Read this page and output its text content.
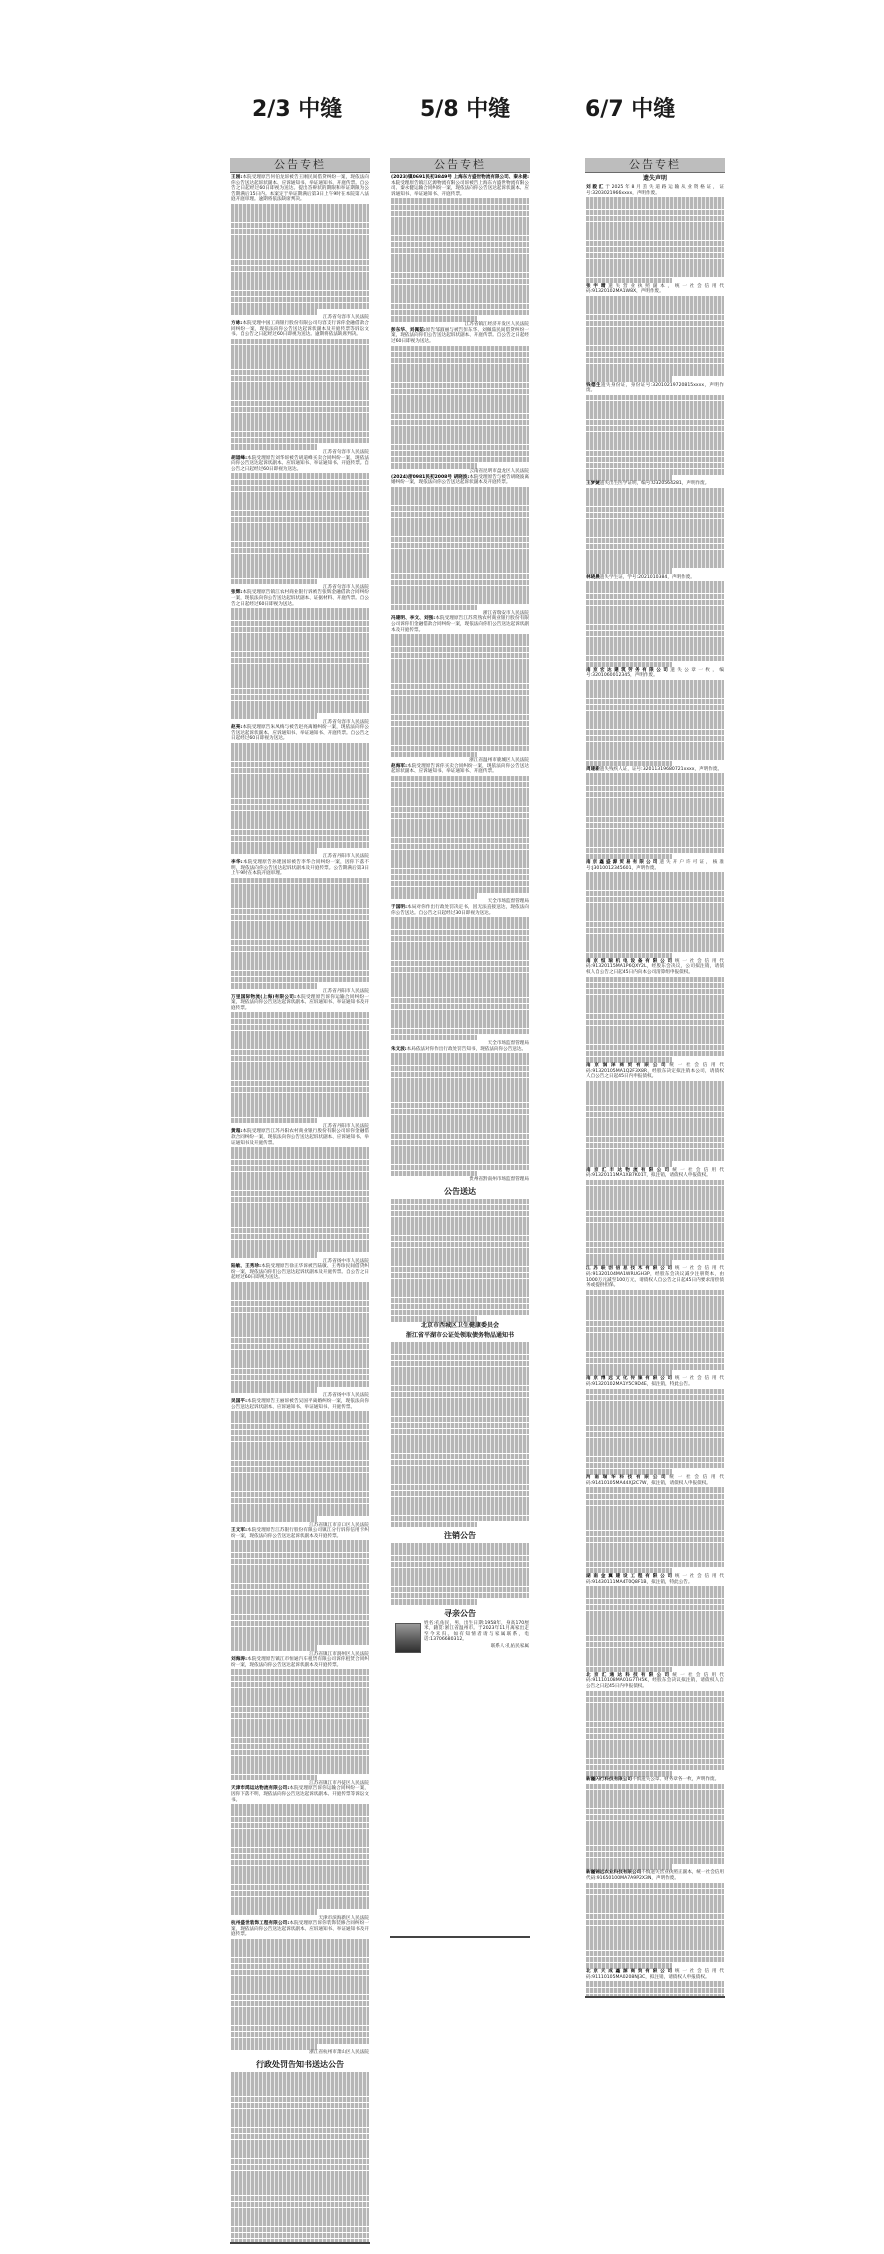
2/3 中缝	5/8 中缝	6/7 中缝
公告专栏

王刚:本院受理原告何伯龙诉被告王刚民间借贷纠纷一案，现依法向你公告送达起诉状副本、应诉通知书、举证通知书、开庭传票。自公告之日起经过60日即视为送达。提出答辩状的期限和举证期限为公告期满后15日内。本案定于举证期满后第3日上午9时在本院第八法庭开庭审理。逾期将依法缺席判决。

江苏省句容市人民法院

方咏:本院受理中国工商银行股份有限公司句容支行诉你金融借款合同纠纷一案，现依法向你公告送达起诉状副本及开庭传票等诉讼文书。自公告之日起经过60日即视为送达。逾期将依法缺席判决。

江苏省句容市人民法院

胡道峰:本院受理原告刘华诉被告胡道峰买卖合同纠纷一案，现依法向你公告送达起诉状副本、应诉通知书、举证通知书、开庭传票。自公告之日起经过60日即视为送达。

江苏省句容市人民法院

张辉:本院受理原告镇江农村商业银行诉被告张辉金融借款合同纠纷一案，现依法向你公告送达起诉状副本、证据材料、开庭传票。自公告之日起经过60日即视为送达。

江苏省句容市人民法院

赵亮:本院受理原告朱凤梅与被告赵亮离婚纠纷一案，现依法向你公告送达起诉状副本、应诉通知书、举证通知书、开庭传票。自公告之日起经过60日即视为送达。

江苏省丹阳市人民法院

李华:本院受理原告孙建国诉被告李华合同纠纷一案，因你下落不明，现依法向你公告送达起诉状副本及开庭传票。公告期满后第3日上午9时在本院开庭审理。

江苏省丹阳市人民法院

万里国际物流(上海)有限公司:本院受理原告诉你运输合同纠纷一案，现依法向你公告送达起诉状副本、应诉通知书、举证通知书及开庭传票。

江苏省丹阳市人民法院

黄超:本院受理原告江苏丹阳农村商业银行股份有限公司诉你金融借款合同纠纷一案，现依法向你公告送达起诉状副本、应诉通知书、举证通知书及开庭传票。

江苏省扬中市人民法院

陆敏、王秀珍:本院受理原告徐正华诉被告陆敏、王秀珍民间借贷纠纷一案，现依法向你们公告送达起诉状副本及开庭传票。自公告之日起经过60日即视为送达。

江苏省扬中市人民法院

吴国平:本院受理原告王丽诉被告吴国平离婚纠纷一案，现依法向你公告送达起诉状副本、应诉通知书、举证通知书、开庭传票。

江苏省镇江市京口区人民法院

王文军:本院受理原告江苏银行股份有限公司镇江分行诉你信用卡纠纷一案，现依法向你公告送达起诉状副本及开庭传票。

江苏省镇江市润州区人民法院

刘海涛:本院受理原告镇江市恒通汽车租赁有限公司诉你租赁合同纠纷一案，现依法向你公告送达起诉状副本及开庭传票。

江苏省镇江市丹徒区人民法院

天津市鸿运达物流有限公司:本院受理原告诉你运输合同纠纷一案，因你下落不明，现依法向你公告送达起诉状副本、开庭传票等诉讼文书。

天津市滨海新区人民法院

杭州盛世装饰工程有限公司:本院受理原告诉你装饰装修合同纠纷一案，现依法向你公告送达起诉状副本、应诉通知书、举证通知书及开庭传票。

浙江省杭州市萧山区人民法院
行政处罚告知书送达公告
公告专栏

(2023)镇0691民初3849号 上海东方盛世物流有限公司、秦永健:本院受理原告镇江亿源物流有限公司诉被告上海东方盛世物流有限公司、秦永健运输合同纠纷一案，现依法向你公告送达起诉状副本、应诉通知书、举证通知书、开庭传票。

江苏省镇江经济开发区人民法院

彭东华、刘佩茹:原告邹淑丽与被告彭东华、刘佩茹民间借贷纠纷一案，现依法向你们公告送达起诉状副本、开庭传票。自公告之日起经过60日即视为送达。

云南省昆明市盘龙区人民法院

(2024)浙0981民初2008号 胡晓波:本院受理原告与被告胡晓波离婚纠纷一案，现依法向你公告送达起诉状副本及开庭传票。

浙江省瑞安市人民法院

冯建明、李文、刘强:本院受理原告江苏常熟农村商业银行股份有限公司诉你们金融借款合同纠纷一案，现依法向你们公告送达起诉状副本及开庭传票。

浙江省温州市鹿城区人民法院

赵海军:本院受理原告诉你买卖合同纠纷一案，现依法向你公告送达起诉状副本、应诉通知书、举证通知书、开庭传票。

天全市场监督管理局

于国明:本局对你作出行政处罚决定书，因无法直接送达，现依法向你公告送达。自公告之日起经过30日即视为送达。

天全市场监督管理局

朱文波:本局依法对你作出行政处罚告知书，现依法向你公告送达。

贵州省黔南州市场监督管理局
公告送达
北京市西城区卫生健康委员会
浙江省平湖市公证处领取债务物品通知书
注销公告
寻亲公告

姓名:孔佑民，男，出生日期:1958年，身高170厘米，籍贯:浙江省温州市。于2023年11月离家出走至今未归。如有知情者请与家属联系，电话:13706680312。

联系人:孔佑民家属
公告专栏
遗失声明

刘毅汇于2025年8月丢失道路运输从业资格证，证号:3203021966xxxx，声明作废。

张宇晴遗失营业执照副本，统一社会信用代码:91320102MA1W8X，声明作废。

钱德生遗失身份证，身份证号:32010219720815xxxx，声明作废。

王梦婕遗失出生医学证明，编号:O320564281，声明作废。

林晓晨遗失学生证，学号:2021010384，声明作废。

南京宏达建筑劳务有限公司遗失公章一枚，编号:3201060012345，声明作废。

周建新遗失残疾人证，证号:32011319680721xxxx，声明作废。

南京鑫盛源贸易有限公司遗失开户许可证，核准号:J3010012345601，声明作废。

南京恒瑞机电设备有限公司统一社会信用代码:91320115MA1P6QXY2L，经股东会决议，公司拟注销，请债权人自公告之日起45日内向本公司清算组申报债权。

南京润泽商贸有限公司统一社会信用代码:91320105MA1Q2F3X8R，经股东决定拟注销本公司，请债权人自公告之日起45日内申报债权。

南京汇丰达物流有限公司统一社会信用代码:91320111MA1XB7K01T，拟注销，请债权人申报债权。

江苏联创信息技术有限公司统一社会信用代码:91320104MA1WRUGH3P，经股东会决议减少注册资本，由1000万元减至100万元，请债权人自公告之日起45日内要求清偿债务或提供担保。

南京博远文化传媒有限公司统一社会信用代码:91320102MA1Y5C9D4E，拟注销，特此公告。

河南瑞华科技有限公司统一社会信用代码:91410105MA44XJ2C7W，拟注销，请债权人申报债权。

湖南金翼建设工程有限公司统一社会信用代码:91430111MA4T0Q8F1B，拟注销，特此公告。

北京汇通达科技有限公司统一社会信用代码:91110108MA01G7TH5K，经股东会决议拟注销，请债权人自公告之日起45日内申报债权。

新疆闪行科技有限公司不慎遗失公章、财务章各一枚，声明作废。

新疆锦远农业科技有限公司不慎遗失营业执照正副本，统一社会信用代码:91650100MA7A9P2X3N，声明作废。

北京天成鑫源商贸有限公司统一社会信用代码:91110105MA0208NJ3C，拟注销，请债权人申报债权。
